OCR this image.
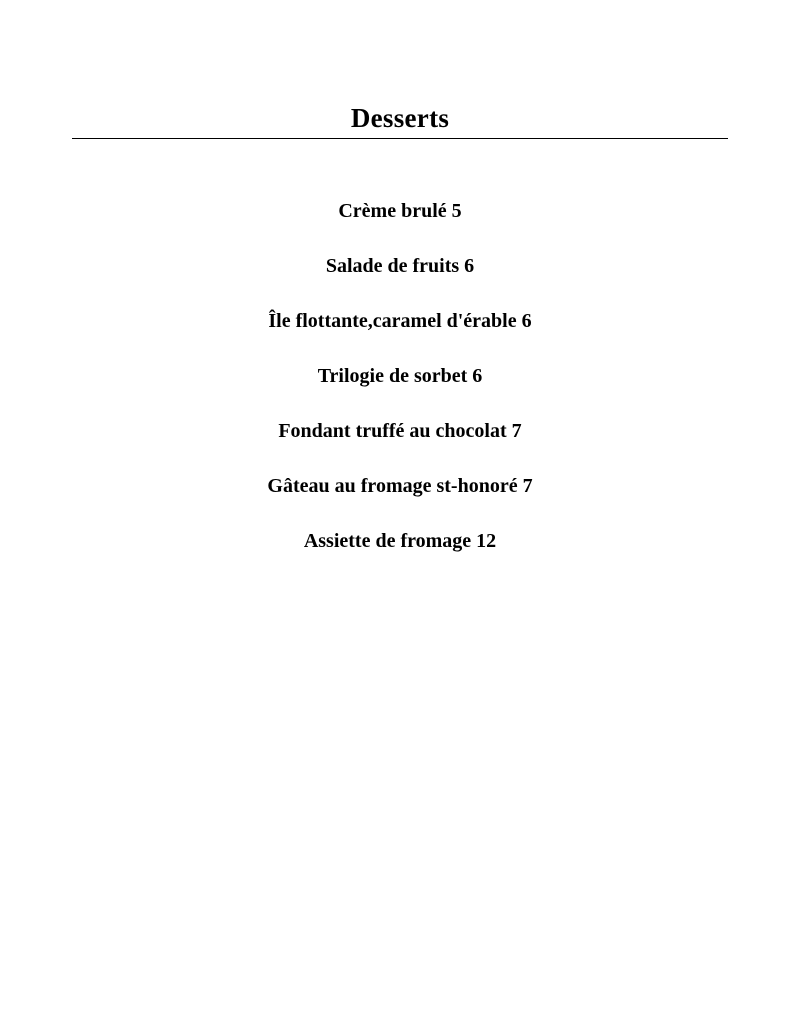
Desserts
Crème brulé 5
Salade de fruits 6
Île flottante,caramel d'érable 6
Trilogie de sorbet 6
Fondant truffé au chocolat 7
Gâteau au fromage st-honoré 7
Assiette de fromage 12
